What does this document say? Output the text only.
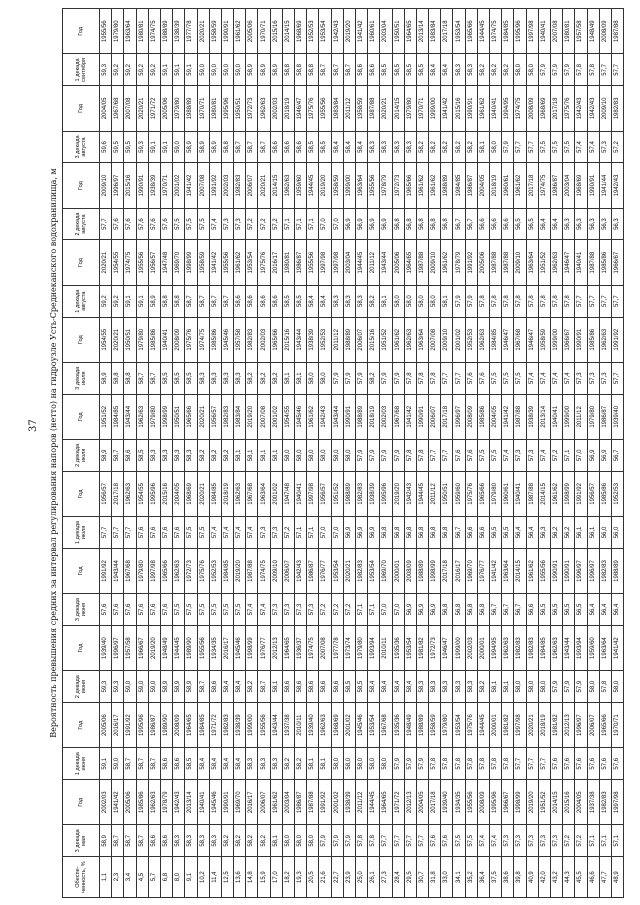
37	Вероятность превышения средних за интервал регулирования напоров (нетто) на гидроузле Усть-Среднеканского водохранилища, м
Обеспе-ченность, %	3 декада мая	Год	1 декада июня	Год	2 декада июня	Год	3 декада июня	Год	1 декада июля	Год	2 декада июля	Год	3 декада июля	Год	1 декада августа	Год	2 декада августа	Год	3 декада августа	Год	1 декада сентября	Год
1,1	58,9	2002/03	59,1	2005/06	59,3	1939/40	57,6	1991/92	57,7	1956/57	58,9	1951/52	58,9	1954/55	59,2	2020/21	57,7	2009/10	59,6	2004/05	59,3	1955/56
2,3	58,7	1941/42	59,0	2016/17	59,3	1996/97	57,6	1943/44	57,7	2017/18	58,7	1984/85	58,8	2020/21	59,2	1954/55	57,6	1996/97	59,5	1967/68	59,2	1979/80
3,4	58,7	2005/06	58,7	1991/92	59,0	1957/58	57,6	1967/68	57,7	1962/63	58,6	1943/44	58,8	1950/51	59,1	1974/75	57,6	2015/16	59,5	2007/08	59,2	1963/64
4,5	58,7	1985/86	58,7	1995/96	59,0	1966/67	57,6	1979/80	57,6	1954/55	58,5	1962/63	58,7	1979/80	59,1	1955/56	57,6	1990/91	59,3	2020/21	59,2	1980/81
5,7	58,6	1962/63	58,7	1986/87	59,0	2019/20	57,6	1997/98	57,6	1995/96	58,3	1979/80	58,7	1985/86	58,9	1956/57	57,6	1938/39	59,1	1971/72	59,2	1974/75
6,8	58,6	1978/79	58,6	1989/90	58,9	1948/49	57,6	1965/66	57,6	2015/16	58,3	1998/99	58,5	1940/41	58,8	1947/48	57,6	1970/71	59,1	2005/06	59,1	1988/89
8,0	58,3	1942/43	58,6	2008/09	58,9	1944/45	57,5	1962/63	57,6	2004/05	58,3	1950/51	58,5	2008/09	58,8	1969/70	57,5	2001/02	59,0	1979/80	59,1	1938/39
9,1	58,3	2013/14	58,5	1964/65	58,9	1989/90	57,5	1972/73	57,5	1968/69	58,3	1965/66	58,5	1975/76	58,7	1998/99	57,5	1941/42	58,9	1988/89	59,1	1977/78
10,2	58,3	1940/41	58,4	1984/85	58,7	1955/56	57,5	1975/76	57,5	2020/21	58,2	2020/21	58,3	1974/75	58,7	1958/59	57,5	2007/08	58,9	1970/71	59,0	2020/21
11,4	58,3	1945/46	58,4	1971/72	58,6	1934/35	57,5	1952/53	57,4	1984/85	58,2	1956/57	58,3	1985/86	58,7	1941/42	57,4	1991/92	58,9	1980/81	59,0	1958/59
12,5	58,2	1990/91	58,4	1982/83	58,4	2016/17	57,5	1984/85	57,4	2018/19	58,2	1982/83	58,3	1945/46	58,7	1955/56	57,3	2002/03	58,8	1995/96	59,0	1990/91
13,6	58,2	1969/70	58,4	1938/39	58,4	1945/46	57,5	2019/20	57,4	1962/63	58,1	1983/84	58,3	1957/58	58,6	1961/62	57,3	1982/83	58,7	1950/51	59,0	1961/62
14,8	58,2	2016/17	58,3	1999/00	58,2	1998/99	57,4	1987/88	57,4	1967/68	58,1	2019/20	58,2	1982/83	58,6	1953/54	57,2	2006/07	58,7	1972/73	58,9	2005/06
15,9	58,2	2006/07	58,3	1955/56	58,7	1976/77	57,4	1974/75	57,3	1963/64	58,1	2007/08	58,2	2002/03	58,6	1975/76	57,2	2020/21	58,7	1962/63	58,9	1970/71
17,0	58,1	1961/62	58,3	1943/44	58,1	2012/13	57,3	2009/10	57,3	2001/02	58,1	2001/02	58,2	1965/66	58,6	2016/17	57,2	2014/15	58,6	2002/03	58,9	2015/16
18,2	58,0	2003/04	58,2	1937/38	58,6	1964/65	57,3	2006/07	57,2	1947/48	58,0	1954/55	58,1	2015/16	58,5	1980/81	57,1	1962/63	58,6	2018/19	58,8	2014/15
19,3	58,0	1986/87	58,2	2010/11	58,6	1936/37	57,3	1942/43	57,1	1940/41	58,0	1945/46	58,1	1943/44	58,5	1986/87	57,1	1959/60	58,6	1946/47	58,8	1968/69
20,5	58,0	1987/88	58,1	1939/40	58,6	1974/75	57,3	1986/87	57,1	1997/98	58,0	1961/62	58,0	1938/39	58,4	1955/56	57,1	1944/45	58,5	1975/76	58,8	1952/53
21,6	57,9	1991/92	58,1	1962/63	58,6	2007/08	57,2	1976/77	57,0	1956/57	58,0	1942/43	58,0	1952/53	58,4	1997/98	57,0	2019/20	58,5	1955/56	58,7	1953/54
22,7	57,9	2001/02	58,0	1968/69	58,6	1977/78	57,2	1953/54	57,0	1951/52	58,0	1943/44	57,9	2011/12	58,3	1997/98	57,0	1958/59	58,4	1983/84	58,7	1942/43
23,9	57,9	1938/39	58,0	2001/02	58,5	1973/74	57,2	2020/21	56,9	1988/89	58,0	1990/91	57,9	1988/89	58,3	2003/04	56,9	1999/00	58,4	2011/12	58,7	2019/20
25,0	57,8	2011/12	58,0	1945/46	58,5	1979/80	57,1	1982/83	56,9	1982/83	57,9	1988/89	57,9	2006/07	58,3	1944/45	56,9	1963/64	58,4	1958/59	58,6	1941/42
26,1	57,8	1944/45	58,0	1953/54	58,4	1993/94	57,1	1953/54	56,9	1938/39	57,9	2018/19	58,2	2015/16	58,2	2011/12	56,9	1955/56	58,3	1987/88	58,6	1960/61
27,3	57,7	1964/65	58,0	1967/68	58,4	2010/11	57,0	1969/70	56,8	1995/96	57,9	2002/03	57,9	1951/52	58,1	1943/44	56,9	1978/79	58,3	2020/21	58,5	2003/04
28,4	57,7	1971/72	57,9	1935/36	58,4	1935/36	57,0	2000/01	56,8	2019/20	57,9	1967/68	57,9	1961/62	58,0	2005/06	56,8	1972/73	58,3	2014/15	58,5	1950/51
29,5	57,7	2012/13	57,9	1948/49	58,4	1953/54	56,9	2008/09	56,8	1942/43	57,8	1941/42	57,8	1962/63	58,0	1964/65	56,8	1965/66	58,3	1979/80	58,5	1964/65
30,7	57,7	2004/05	57,9	1988/89	58,3	1981/82	56,9	1988/89	56,8	1944/45	57,8	1990/91	57,8	1963/64	58,0	1987/88	56,8	1961/62	58,2	1970/71	58,5	2013/14
31,8	57,6	2017/18	57,8	1958/59	58,3	1972/73	56,9	1998/99	56,8	2011/12	57,7	2006/07	57,8	2007/08	58,0	2009/10	56,8	1961/62	58,2	1999/00	58,4	1983/84
33,0	57,6	1939/40	57,8	1979/80	58,3	1946/47	56,8	2017/18	56,8	1950/51	57,7	2017/18	57,7	2009/10	58,1	1961/62	56,8	1988/89	58,2	1941/42	58,4	2017/18
34,1	57,5	1934/35	57,8	1953/54	58,3	1999/00	56,8	2016/17	56,7	1959/60	57,6	1996/97	57,7	2001/02	57,9	1978/79	56,7	1984/85	58,2	2015/16	58,3	1953/54
35,2	57,5	1955/56	57,8	1975/76	58,3	2002/03	56,8	1969/70	56,6	1975/76	57,6	2008/09	57,6	1952/53	57,9	1991/92	56,7	1986/87	58,2	1990/91	58,3	1965/66
36,4	57,4	2008/09	57,8	1944/45	58,2	2000/01	56,8	1976/77	56,6	1965/66	57,5	1985/86	57,6	1962/63	57,8	2005/06	56,6	2004/05	58,1	1961/62	58,2	1944/45
37,5	57,4	1995/96	57,8	2000/01	58,1	1994/95	56,7	1941/42	56,5	1979/80	57,5	2004/05	57,5	1984/85	57,8	1987/88	56,6	2018/19	58,0	1940/41	58,2	1974/75
38,6	57,3	1966/67	57,8	1981/82	58,1	1962/63	56,7	1963/64	56,5	1960/61	57,4	1941/42	57,5	1946/47	57,8	1987/88	56,6	1960/61	57,9	1994/95	58,2	1984/85
39,8	57,3	1998/99	57,7	1997/98	58,0	1982/83	56,7	2014/15	56,4	1940/41	57,3	1987/88	57,5	1967/68	57,8	2009/10	56,5	1961/62	57,7	1974/75	58,0	1995/96
40,9	57,3	2019/20	57,7	2020/21	58,0	1982/83	56,6	1961/62	56,4	1987/88	57,3	1938/39	57,4	1946/47	57,8	1963/64	56,5	2017/18	57,7	2008/09	58,0	1997/98
42,0	57,3	1951/52	57,7	2018/19	58,0	1984/85	56,5	1955/56	56,3	2014/15	57,4	2013/14	57,4	1958/59	57,8	1951/52	56,4	1974/75	57,5	1968/69	57,9	1940/41
43,2	57,3	2014/15	57,6	1981/82	57,9	1962/63	56,5	1990/91	56,2	1961/62	57,2	1940/41	57,4	1999/00	57,8	1962/63	56,4	1986/87	57,5	2017/18	57,9	2007/08
44,3	57,2	2015/16	57,6	2012/13	57,9	1943/44	56,5	1990/91	56,2	1998/99	57,1	1999/00	57,4	1966/67	57,8	1946/47	56,3	2003/04	57,5	1975/76	57,9	1980/81
45,5	57,2	2004/05	57,6	1996/97	57,9	1993/94	56,5	1996/97	56,1	1991/92	57,0	2011/12	57,3	1990/91	57,7	1940/41	56,3	1968/69	57,4	1942/43	57,8	1957/58
46,6	57,1	1937/38	57,6	2006/07	58,0	1959/60	56,4	1996/97	56,1	1956/57	56,9	1979/80	57,3	1985/86	57,7	1987/88	56,3	1990/91	57,4	1942/43	57,8	1948/49
47,7	57,1	1982/83	57,6	1965/66	57,8	1963/64	56,4	1982/83	56,0	1985/86	56,9	1986/87	57,3	1962/63	57,7	1985/86	56,3	1941/44	57,3	2009/10	57,7	2008/09
48,9	57,1	1997/98	57,6	1970/71	58,0	1941/42	56,4	1988/89	56,0	1952/53	56,7	1939/40	57,7	1991/92	57,7	1966/67	56,3	1942/43	57,2	1982/83	57,7	1987/88
